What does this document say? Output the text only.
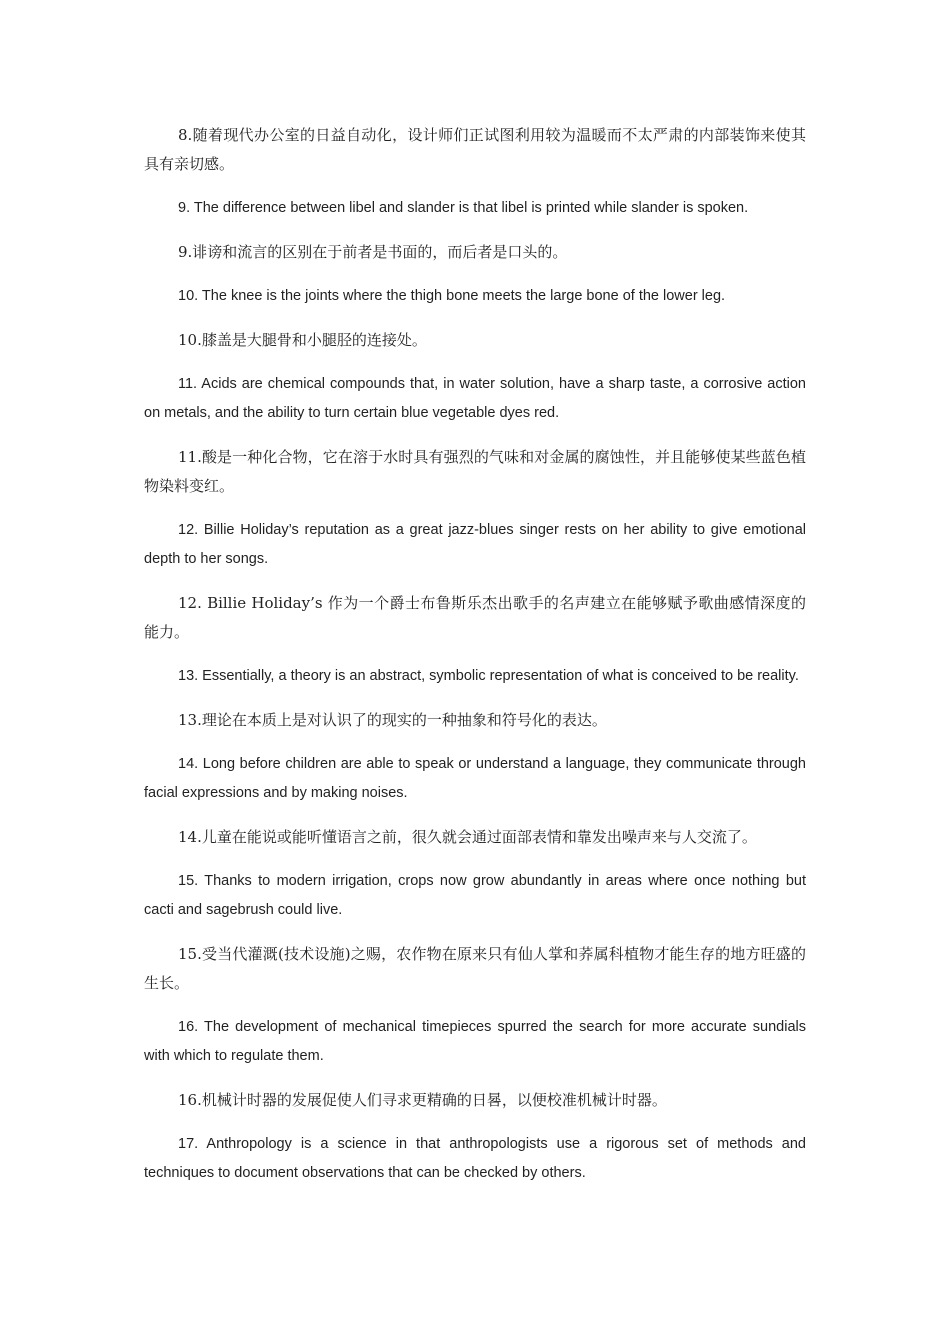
8.随着现代办公室的日益自动化，设计师们正试图利用较为温暖而不太严肃的内部装饰来使其具有亲切感。

9. The difference between libel and slander is that libel is printed while slander is spoken.

9.诽谤和流言的区别在于前者是书面的，而后者是口头的。

10. The knee is the joints where the thigh bone meets the large bone of the lower leg.

10.膝盖是大腿骨和小腿胫的连接处。

11. Acids are chemical compounds that, in water solution, have a sharp taste, a corrosive action on metals, and the ability to turn certain blue vegetable dyes red.

11.酸是一种化合物，它在溶于水时具有强烈的气味和对金属的腐蚀性，并且能够使某些蓝色植物染料变红。

12. Billie Holiday’s reputation as a great jazz-blues singer rests on her ability to give emotional depth to her songs.

12. Billie Holiday’s 作为一个爵士布鲁斯乐杰出歌手的名声建立在能够赋予歌曲感情深度的能力。

13. Essentially, a theory is an abstract, symbolic representation of what is conceived to be reality.

13.理论在本质上是对认识了的现实的一种抽象和符号化的表达。

14. Long before children are able to speak or understand a language, they communicate through facial expressions and by making noises.

14.儿童在能说或能听懂语言之前，很久就会通过面部表情和靠发出噪声来与人交流了。

15. Thanks to modern irrigation, crops now grow abundantly in areas where once nothing but cacti and sagebrush could live.

15.受当代灌溉(技术设施)之赐，农作物在原来只有仙人掌和荞属科植物才能生存的地方旺盛的生长。

16. The development of mechanical timepieces spurred the search for more accurate sundials with which to regulate them.

16.机械计时器的发展促使人们寻求更精确的日晷，以便校准机械计时器。

17. Anthropology is a science in that anthropologists use a rigorous set of methods and techniques to document observations that can be checked by others.
